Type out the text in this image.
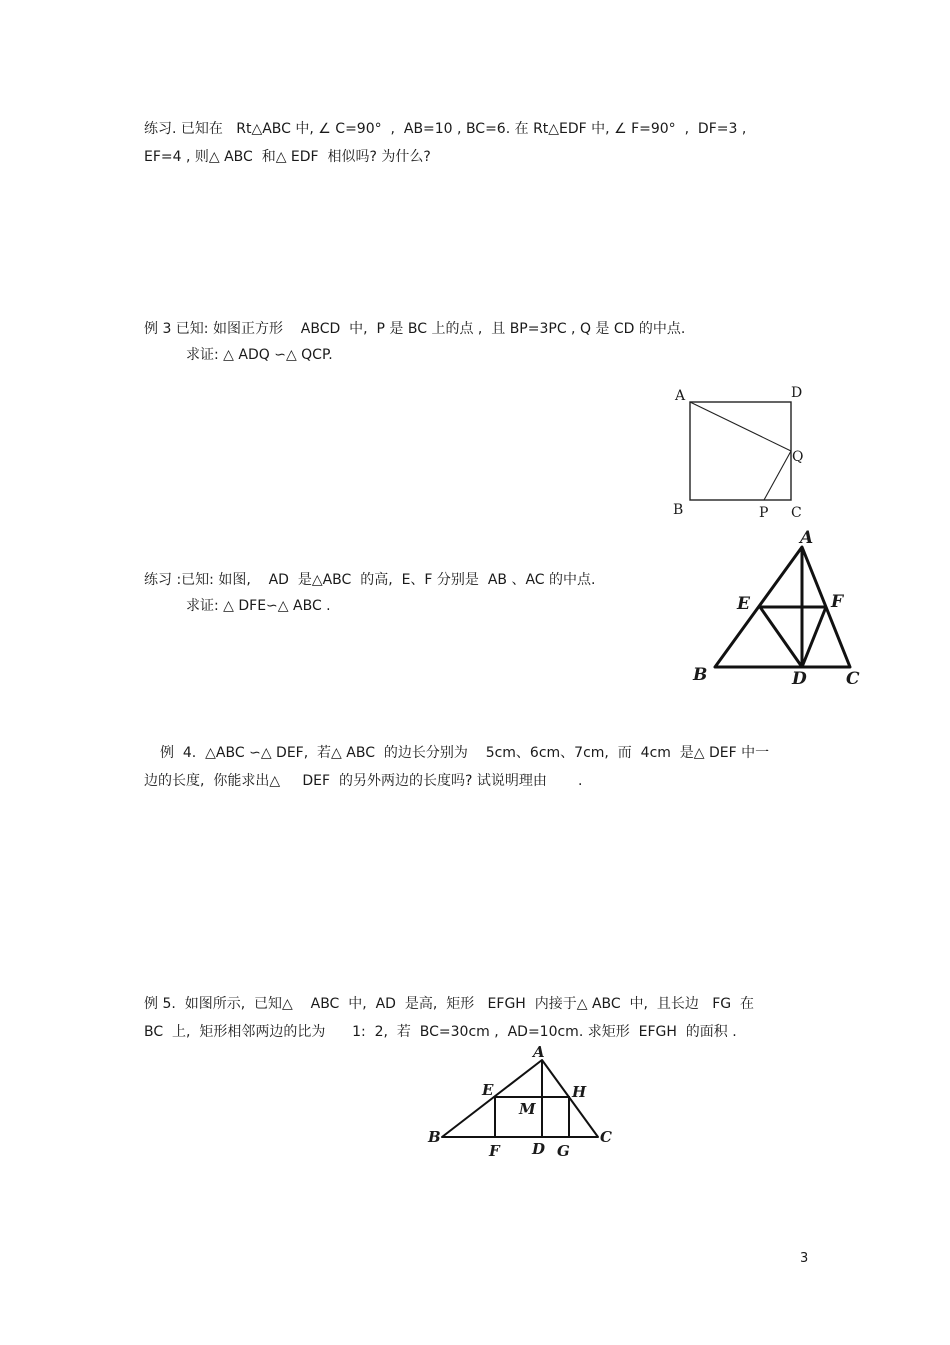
练习. 已知在   Rt△ABC 中, ∠ C=90°  ,  AB=10 , BC=6. 在 Rt△EDF 中, ∠ F=90°  ,  DF=3 ,
EF=4 , 则△ ABC  和△ EDF  相似吗? 为什么?
例 3 已知: 如图正方形    ABCD  中,  P 是 BC 上的点 ,  且 BP=3PC , Q 是 CD 的中点.
求证: △ ADQ ∽△ QCP.
A	D
Q
B	P C
练习 :已知: 如图,    AD  是△ABC  的高,  E、F 分别是  AB 、AC 的中点.
求证: △ DFE∽△ ABC .
A
E	F
B	D C
例  4.  △ABC ∽△ DEF,  若△ ABC  的边长分别为    5cm、6cm、7cm,  而  4cm  是△ DEF 中一
边的长度,  你能求出△     DEF  的另外两边的长度吗? 试说明理由       .
例 5.  如图所示,  已知△    ABC  中,  AD  是高,  矩形   EFGH  内接于△ ABC  中,  且长边   FG  在
BC  上,  矩形相邻两边的比为      1:  2,  若  BC=30cm ,  AD=10cm. 求矩形  EFGH  的面积 .
A
E	H
M
B
F D G
C
3
